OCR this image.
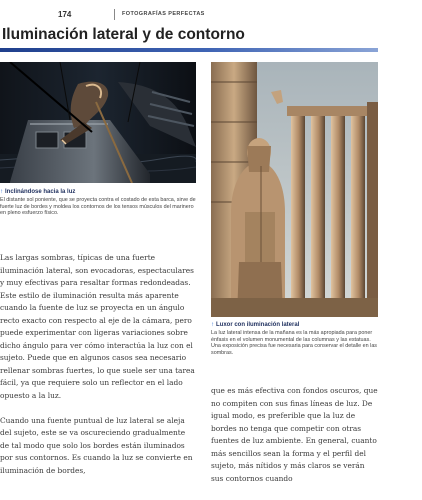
174	FOTOGRAFÍAS PERFECTAS
Iluminación lateral y de contorno
↑ Inclinándose hacia la luz
El distante sol poniente, que se proyecta contra el costado de esta barca, sirve de fuerte luz de bordes y moldea los contornos de los tensos músculos del marinero en pleno esfuerzo físico.
↑ Luxor con iluminación lateral
La luz lateral intensa de la mañana es la más apropiada para poner énfasis en el volumen monumental de las columnas y las estatuas. Una exposición precisa fue necesaria para conservar el detalle en las sombras.

Las largas sombras, típicas de una fuerte iluminación lateral, son evocadoras, espectaculares y muy efectivas para resaltar formas redondeadas. Este estilo de iluminación resulta más aparente cuando la fuente de luz se proyecta en un ángulo recto exacto con respecto al eje de la cámara, pero puede experimentar con ligeras variaciones sobre dicho ángulo para ver cómo interactúa la luz con el sujeto. Puede que en algunos casos sea necesario rellenar sombras fuertes, lo que suele ser una tarea fácil, ya que requiere solo un reflector en el lado opuesto a la luz.

Cuando una fuente puntual de luz lateral se aleja del sujeto, este se va oscureciendo gradualmente de tal modo que solo los bordes están iluminados por sus contornos. Es cuando la luz se convierte en iluminación de bordes,

que es más efectiva con fondos oscuros, que no compiten con sus finas líneas de luz. De igual modo, es preferible que la luz de bordes no tenga que competir con otras fuentes de luz ambiente. En general, cuanto más sencillos sean la forma y el perfil del sujeto, más nítidos y más claros se verán sus contornos cuando
